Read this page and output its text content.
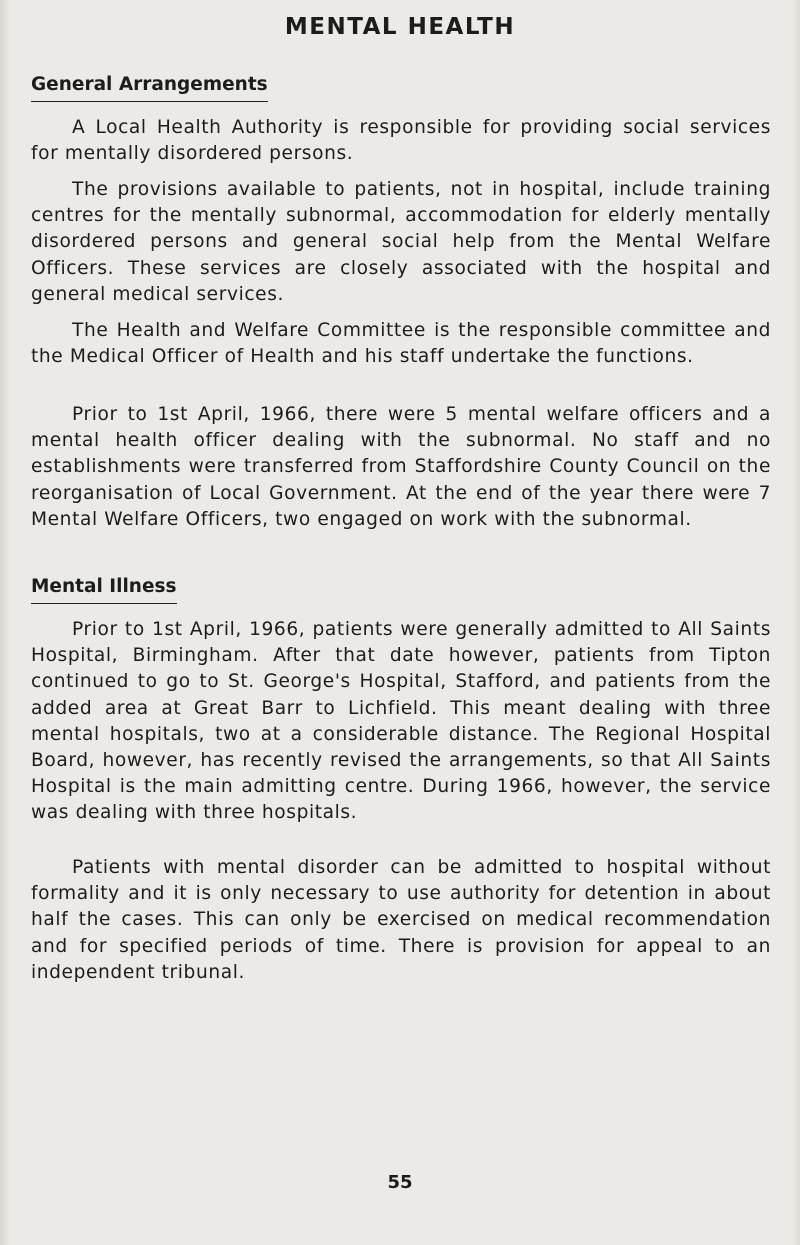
MENTAL HEALTH
General Arrangements

A Local Health Authority is responsible for providing social services for mentally disordered persons.

The provisions available to patients, not in hospital, include training centres for the mentally subnormal, accommodation for elderly mentally disordered persons and general social help from the Mental Welfare Officers. These services are closely associated with the hospital and general medical services.

The Health and Welfare Committee is the responsible committee and the Medical Officer of Health and his staff undertake the functions.

Prior to 1st April, 1966, there were 5 mental welfare officers and a mental health officer dealing with the subnormal. No staff and no establishments were transferred from Staffordshire County Council on the reorganisation of Local Government. At the end of the year there were 7 Mental Welfare Officers, two engaged on work with the subnormal.

Mental Illness

Prior to 1st April, 1966, patients were generally admitted to All Saints Hospital, Birmingham. After that date however, patients from Tipton continued to go to St. George's Hospital, Stafford, and patients from the added area at Great Barr to Lichfield. This meant dealing with three mental hospitals, two at a considerable distance. The Regional Hospital Board, however, has recently revised the arrangements, so that All Saints Hospital is the main admitting centre. During 1966, however, the service was dealing with three hospitals.

Patients with mental disorder can be admitted to hospital without formality and it is only necessary to use authority for detention in about half the cases. This can only be exercised on medical recommendation and for specified periods of time. There is provision for appeal to an independent tribunal.

55
